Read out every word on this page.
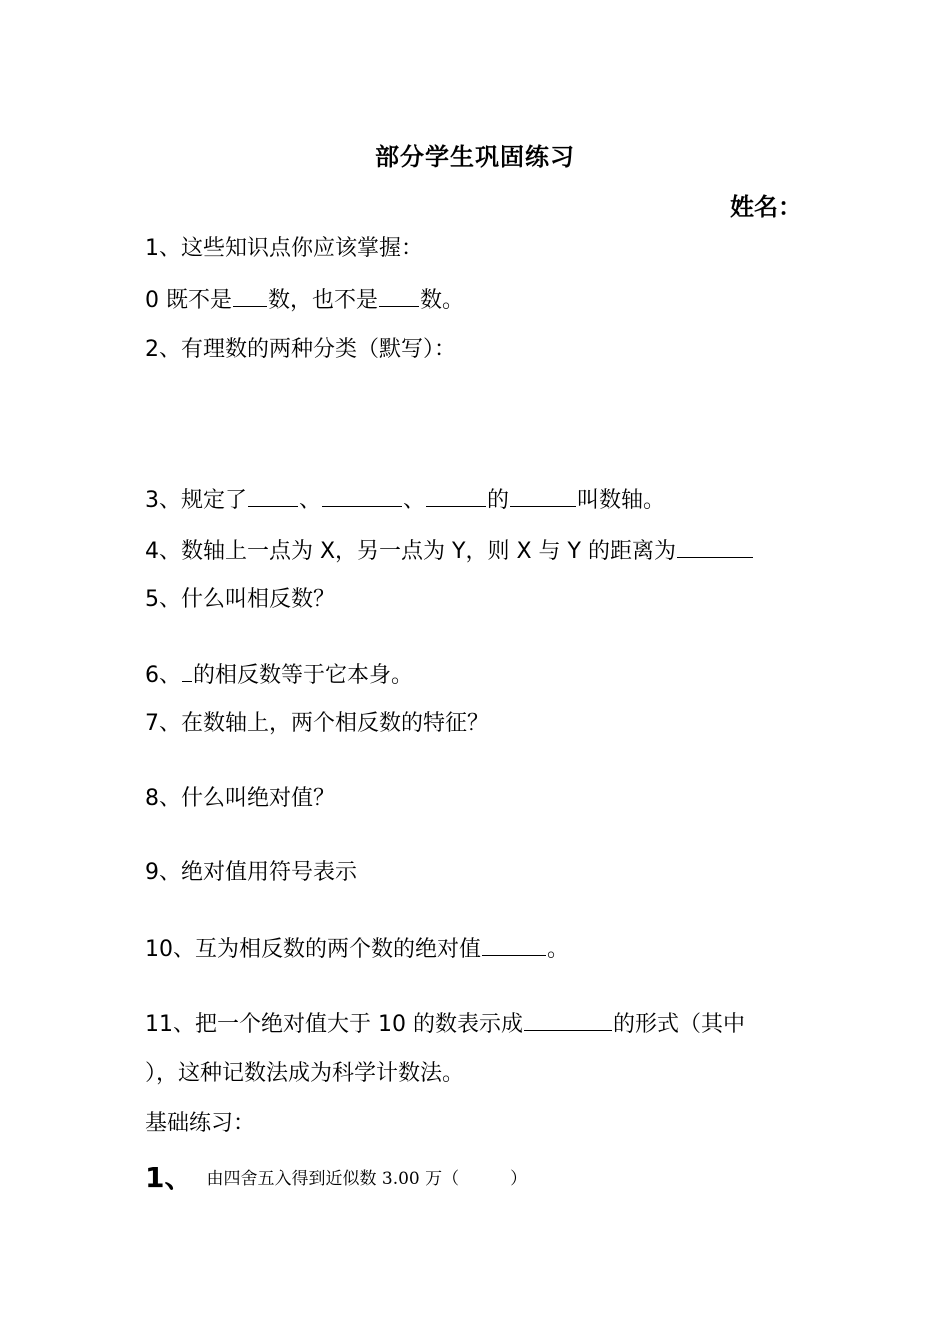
部分学生巩固练习
姓名：
1、这些知识点你应该掌握：
0 既不是 数，也不是 数。
2、有理数的两种分类（默写）：
3、规定了 、	、	的	叫数轴。
4、数轴上一点为 X，另一点为 Y，则 X 与 Y 的距离为
5、什么叫相反数？
6、 的相反数等于它本身。
7、在数轴上，两个相反数的特征？
8、什么叫绝对值？
9、绝对值用符号表示
10、互为相反数的两个数的绝对值	。
11、把一个绝对值大于 10 的数表示成	的形式（其中
），这种记数法成为科学计数法。
基础练习：
1、 由四舍五入得到近似数 3.00 万（　　　）
